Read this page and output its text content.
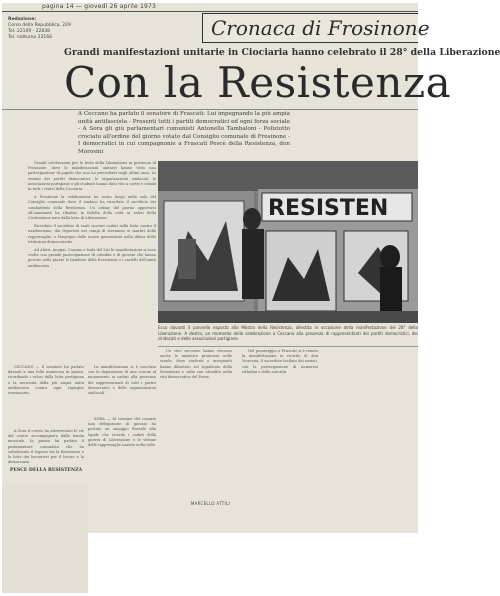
pagina 14 — giovedì 26 aprile 1973
Redazione:
Corso della Repubblica, 229
Tel. 22109 - 22838
Tel. notturno 23166	Cronaca di Frosinone
Grandi manifestazioni unitarie in Ciociaria hanno celebrato il 28° della Liberazione
Con la Resistenza
A Ceccano ha parlato il senatore di Frascati: Lui impegnando la più ampia unità antifascista - Presenti tutti i partiti democratici ed ogni forza sociale - A Sora gli giù parlamentari comunisti Antonello Tambaloni - Poliziotto crociato all'ordine del giorno votato dal Consiglio comunale di Frosinone - I democratici in cui compagnonie a Frascati Pesce della Resistenza, don Morosini

Grandi celebrazioni per la festa della Liberazione in provincia di Frosinone, dove le manifestazioni unitarie hanno visto una partecipazione di popolo che non ha precedenti negli ultimi anni. Le sezioni dei partiti democratici, le organizzazioni sindacali, le associazioni partigiane e gli studenti hanno dato vita a cortei e comizi in tutti i centri della Ciociaria.

A Frosinone la celebrazione ha avuto luogo nella sala del Consiglio comunale dove il sindaco ha ricordato il sacrificio dei combattenti della Resistenza. Un ordine del giorno approvato all'unanimità ha ribadito la fedeltà della città ai valori della Costituzione nata dalla lotta di Liberazione.

Ricordato il sacrificio di tanti ciociari caduti nella lotta contro il nazifascismo, dai deportati nei campi di sterminio ai martiri delle rappresaglie, e l'impegno delle nuove generazioni nella difesa delle istituzioni democratiche.

Ad Alatri, Anagni, Cassino e Isola del Liri le manifestazioni si sono svolte con grande partecipazione di cittadini e di giovani che hanno portato nelle piazze le bandiere della Resistenza e i cartelli dell'unità antifascista.

RESISTEN
Ecco davanti il pannello esposto alla Mostra della Resistenza, allestita in occasione della manifestazione del 28° della Liberazione. A destra, un momento della celebrazione a Ceccano alla presenza di rappresentanti dei partiti democratici, dei sindacati e delle associazioni partigiane.

CECCANO — Il senatore ha parlato davanti a una folla numerosa in piazza, ricordando i valori della lotta partigiana e la necessità della più ampia unità antifascista contro ogni rigurgito reazionario.

La manifestazione si è conclusa con la deposizione di una corona al monumento ai caduti alla presenza dei rappresentanti di tutti i partiti democratici e delle organizzazioni sindacali.

A Sora il corteo ha attraversato le vie del centro accompagnato dalla banda musicale. In piazza ha parlato il parlamentare comunista che ha sottolineato il legame tra la Resistenza e le lotte dei lavoratori per il lavoro e la democrazia.

PESCE DELLA RESISTENZA

SORA — Al termine del comizio una delegazione di giovani ha portato un omaggio floreale alla lapide che ricorda i caduti della guerra di Liberazione e le vittime delle rappresaglie naziste nella valle.

Un vivo successo hanno riscosso anche le iniziative promosse nelle scuole, dove studenti e insegnanti hanno dibattuto sul significato della Resistenza e sulla sua attualità nella vita democratica del Paese.

Nel pomeriggio a Frascati si è tenuta la manifestazione in ricordo di don Morosini, il sacerdote fucilato dai nazisti, con la partecipazione di numerosi cittadini e delle autorità.

MARCELLO ATTILI
